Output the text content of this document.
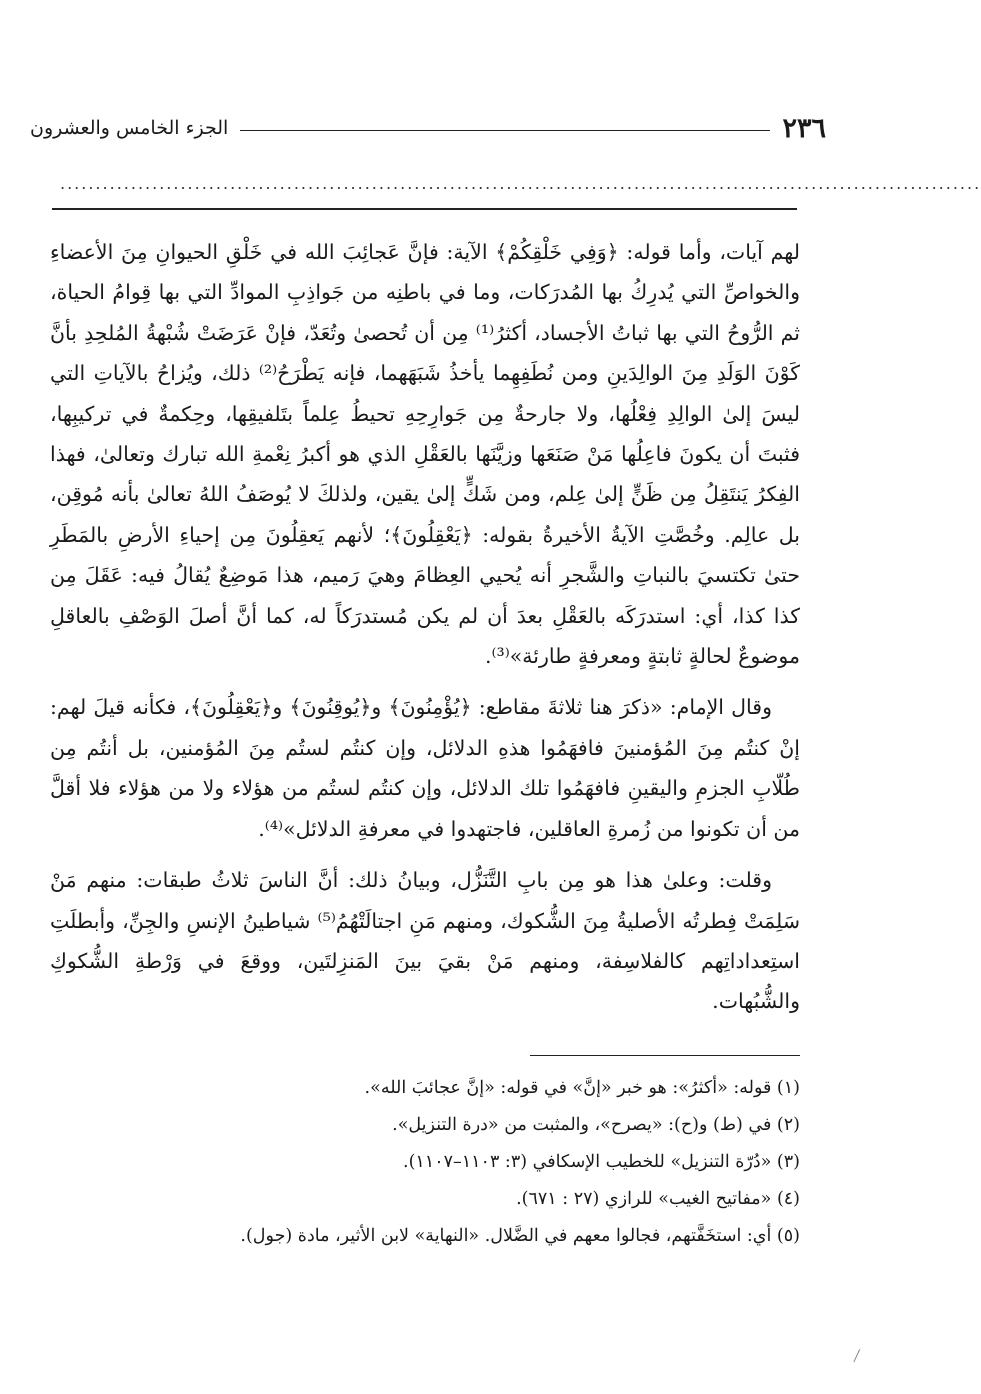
٢٣٦
الجزء الخامس والعشرون
..................................................................................................................................

لهم آيات، وأما قوله: ﴿وَفِي خَلْقِكُمْ﴾ الآية: فإنَّ عَجائِبَ الله في خَلْقِ الحيوانِ مِنَ الأعضاءِ والخواصِّ التي يُدرِكُ بها المُدرَكات، وما في باطنِه من جَواذِبِ الموادِّ التي بها قِوامُ الحياة، ثم الرُّوحُ التي بها ثباتُ الأجساد، أكثرُ⁽¹⁾ مِن أن تُحصىٰ وتُعَدّ، فإنْ عَرَضَتْ شُبْهةُ المُلحِدِ بأنَّ كَوْنَ الوَلَدِ مِنَ الوالِدَينِ ومن نُطَفِهِما يأخذُ شَبَهَهما، فإنه يَطْرَحُ⁽²⁾ ذلك، ويُزاحُ بالآياتِ التي ليسَ إلىٰ الوالِدِ فِعْلُها، ولا جارحةٌ مِن جَوارِحِهِ تحيطُ عِلماً بتَلفيقِها، وحِكمةٌ في تركيبِها، فثبتَ أن يكونَ فاعِلُها مَنْ صَنَعَها وزيَّنَها بالعَقْلِ الذي هو أكبرُ نِعْمةِ الله تبارك وتعالىٰ، فهذا الفِكرُ يَنتَقِلُ مِن ظَنٍّ إلىٰ عِلم، ومن شَكٍّ إلىٰ يقين، ولذلكَ لا يُوصَفُ اللهُ تعالىٰ بأنه مُوقِن، بل عالِم. وخُصَّتِ الآيةُ الأخيرةُ بقوله: ﴿يَعْقِلُونَ﴾؛ لأنهم يَعقِلُونَ مِن إحياءِ الأرضِ بالمَطَرِ حتىٰ تكتسيَ بالنباتِ والشَّجرِ أنه يُحيي العِظامَ وهيَ رَميم، هذا مَوضِعٌ يُقالُ فيه: عَقَلَ مِن كذا كذا، أي: استدرَكَه بالعَقْلِ بعدَ أن لم يكن مُستدرَكاً له، كما أنَّ أصلَ الوَصْفِ بالعاقلِ موضوعٌ لحالةٍ ثابتةٍ ومعرفةٍ طارئة»⁽³⁾.

وقال الإمام: «ذكرَ هنا ثلاثةَ مقاطع: ﴿يُؤْمِنُونَ﴾ و﴿يُوقِنُونَ﴾ و﴿يَعْقِلُونَ﴾، فكأنه قيلَ لهم: إنْ كنتُم مِنَ المُؤمنينَ فافهَمُوا هذهِ الدلائل، وإن كنتُم لستُم مِنَ المُؤمنين، بل أنتُم مِن طُلّابِ الجزمِ واليقينِ فافهَمُوا تلك الدلائل، وإن كنتُم لستُم من هؤلاء ولا من هؤلاء فلا أقلَّ من أن تكونوا من زُمرةِ العاقلين، فاجتهدوا في معرفةِ الدلائل»⁽⁴⁾.

وقلت: وعلىٰ هذا هو مِن بابِ التَّنَزُّل، وبيانُ ذلك: أنَّ الناسَ ثلاثُ طبقات: منهم مَنْ سَلِمَتْ فِطرتُه الأصليةُ مِنَ الشُّكوك، ومنهم مَنِ اجتالَتْهُمُ⁽⁵⁾ شياطينُ الإنسِ والجِنِّ، وأبطلَتِ استِعداداتِهم كالفلاسِفة، ومنهم مَنْ بقيَ بينَ المَنزِلتَين، ووقعَ في وَرْطةِ الشُّكوكِ والشُّبُهات.

(١) قوله: «أكثرُ»: هو خبر «إنَّ» في قوله: «إنَّ عجائبَ الله».

(٢) في (ط) و(ح): «يصرح»، والمثبت من «درة التنزيل».

(٣) «دُرّة التنزيل» للخطيب الإسكافي (٣: ١١٠٣–١١٠٧).

(٤) «مفاتيح الغيب» للرازي (٢٧ : ٦٧١).

(٥) أي: استخَفَّتهم، فجالوا معهم في الضَّلال. «النهاية» لابن الأثير، مادة (جول).
